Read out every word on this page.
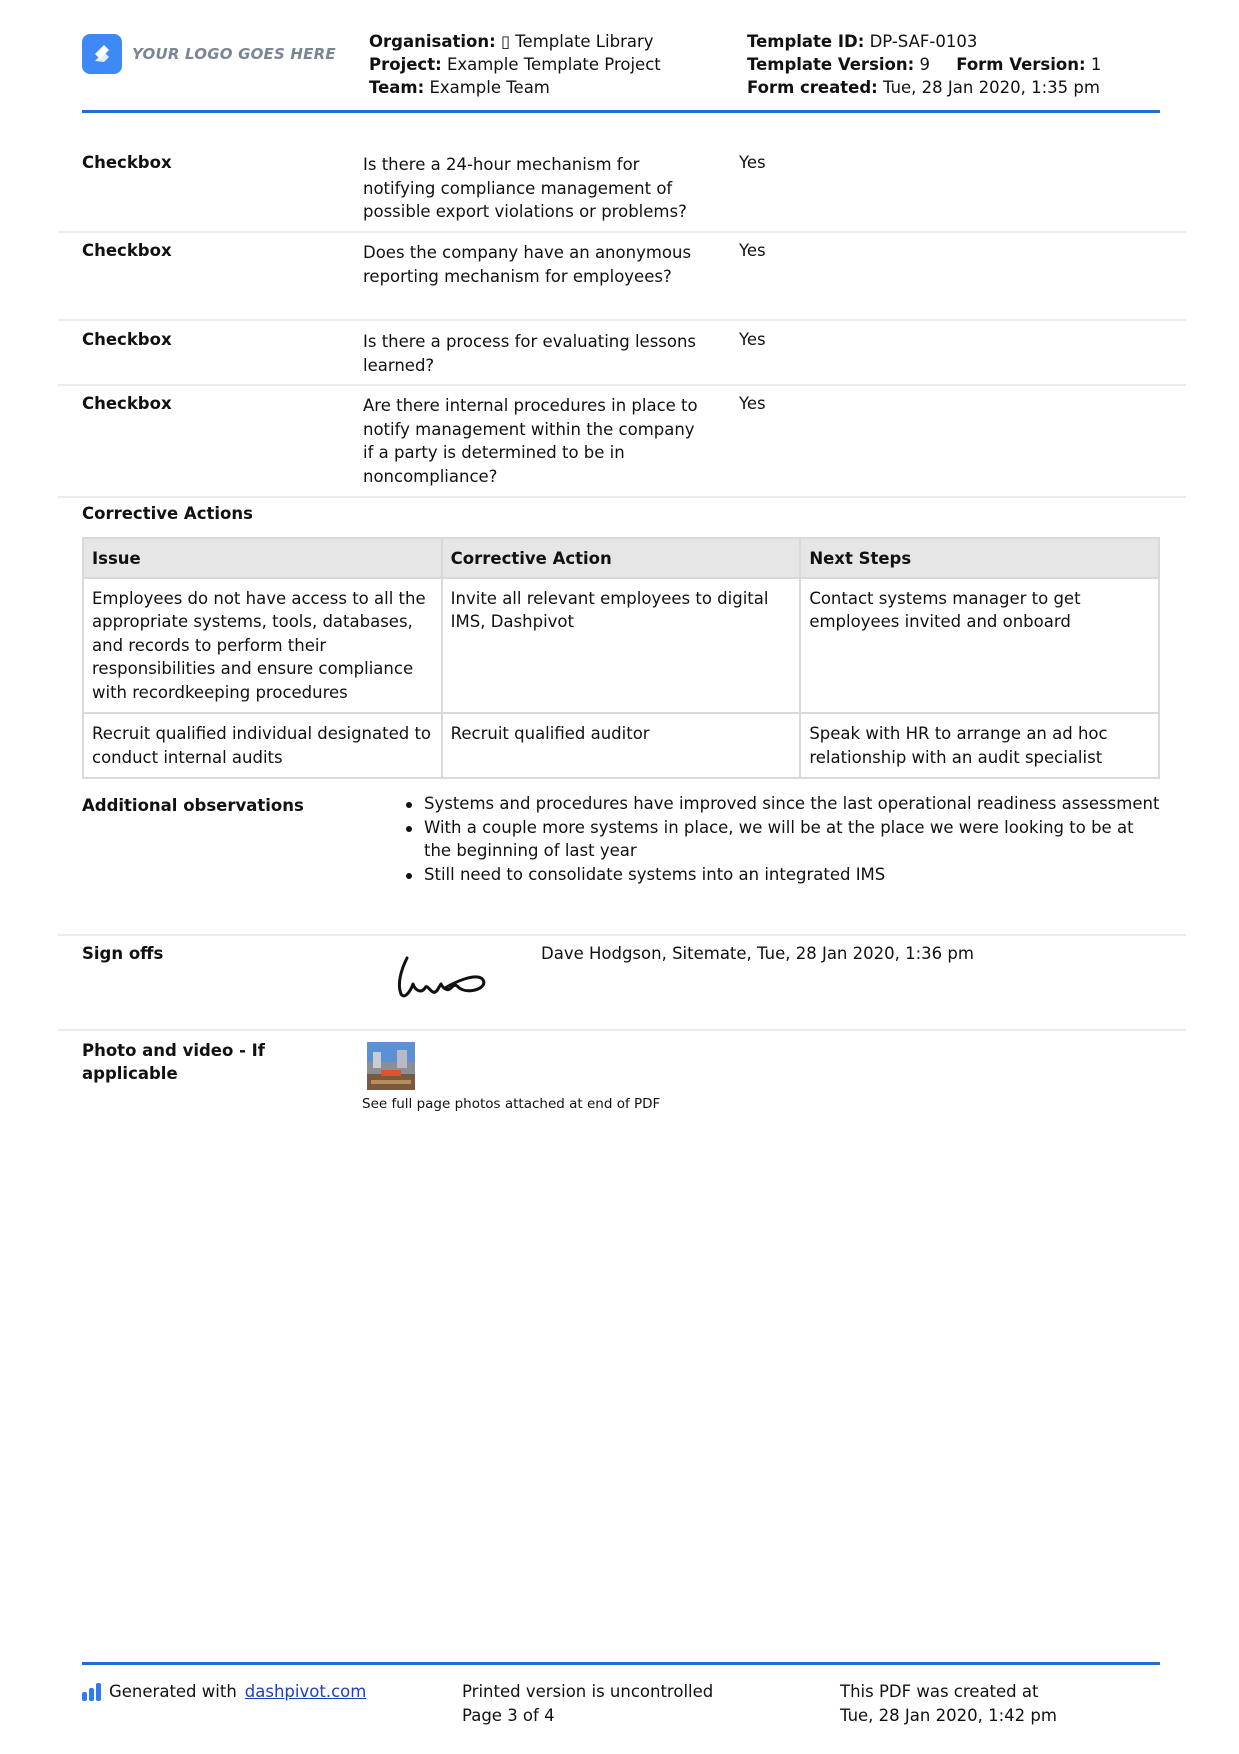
YOUR LOGO GOES HERE
Organisation: ▯ Template Library
Project: Example Template Project
Team: Example Team
Template ID: DP-SAF-0103
Template Version: 9 Form Version: 1
Form created: Tue, 28 Jan 2020, 1:35 pm
Checkbox	Is there a 24-hour mechanism for notifying compliance management of possible export violations or problems?
Yes
Checkbox	Does the company have an anonymous reporting mechanism for employees?
Yes
Checkbox	Is there a process for evaluating lessons learned?
Yes
Checkbox	Are there internal procedures in place to notify management within the company if a party is determined to be in noncompliance?
Yes
Corrective Actions
Issue	Corrective Action	Next Steps
Employees do not have access to all the appropriate systems, tools, databases, and records to perform their responsibilities and ensure compliance with recordkeeping procedures	Invite all relevant employees to digital IMS, Dashpivot	Contact systems manager to get employees invited and onboard
Recruit qualified individual designated to conduct internal audits	Recruit qualified auditor	Speak with HR to arrange an ad hoc relationship with an audit specialist
Additional observations	Systems and procedures have improved since the last operational readiness assessment
With a couple more systems in place, we will be at the place we were looking to be at the beginning of last year
Still need to consolidate systems into an integrated IMS
Sign offs	Dave Hodgson, Sitemate, Tue, 28 Jan 2020, 1:36 pm
Photo and video - If applicable
See full page photos attached at end of PDF
Generated with dashpivot.com	Printed version is uncontrolled
Page 3 of 4
This PDF was created at
Tue, 28 Jan 2020, 1:42 pm
